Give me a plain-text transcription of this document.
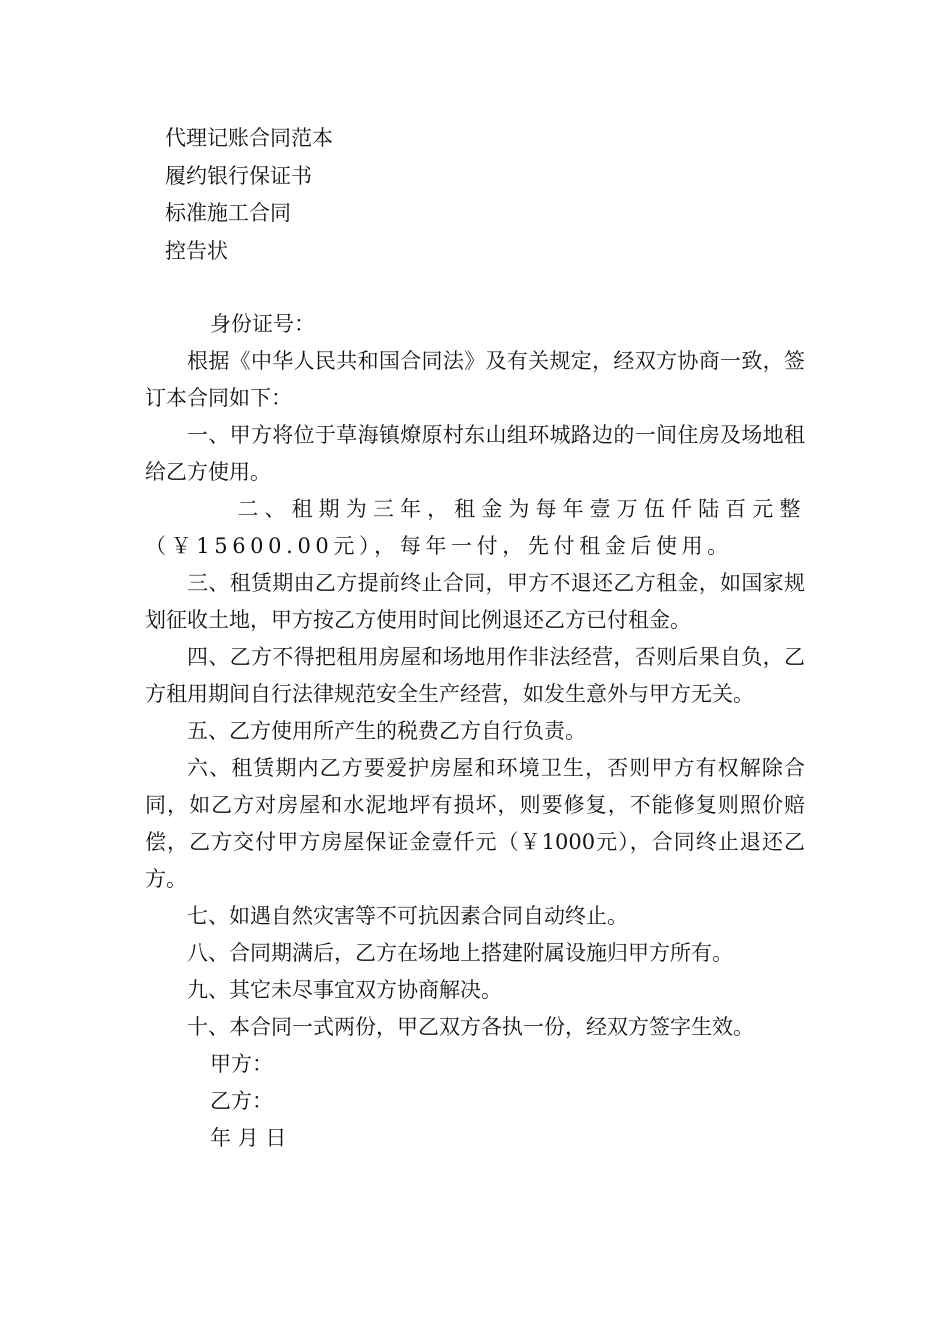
代理记账合同范本
履约银行保证书
标准施工合同
控告状
身份证号：

根据《中华人民共和国合同法》及有关规定，经双方协商一致，签订本合同如下：

一、甲方将位于草海镇燎原村东山组环城路边的一间住房及场地租给乙方使用。

二、租期为三年，租金为每年壹万伍仟陆百元整（￥15600.00元），每年一付，先付租金后使用。

三、租赁期由乙方提前终止合同，甲方不退还乙方租金，如国家规划征收土地，甲方按乙方使用时间比例退还乙方已付租金。

四、乙方不得把租用房屋和场地用作非法经营，否则后果自负，乙方租用期间自行法律规范安全生产经营，如发生意外与甲方无关。

五、乙方使用所产生的税费乙方自行负责。

六、租赁期内乙方要爱护房屋和环境卫生，否则甲方有权解除合同，如乙方对房屋和水泥地坪有损坏，则要修复，不能修复则照价赔偿，乙方交付甲方房屋保证金壹仟元（￥1000元），合同终止退还乙方。

七、如遇自然灾害等不可抗因素合同自动终止。

八、合同期满后，乙方在场地上搭建附属设施归甲方所有。

九、其它未尽事宜双方协商解决。

十、本合同一式两份，甲乙双方各执一份，经双方签字生效。

甲方：
乙方：
年 月 日
